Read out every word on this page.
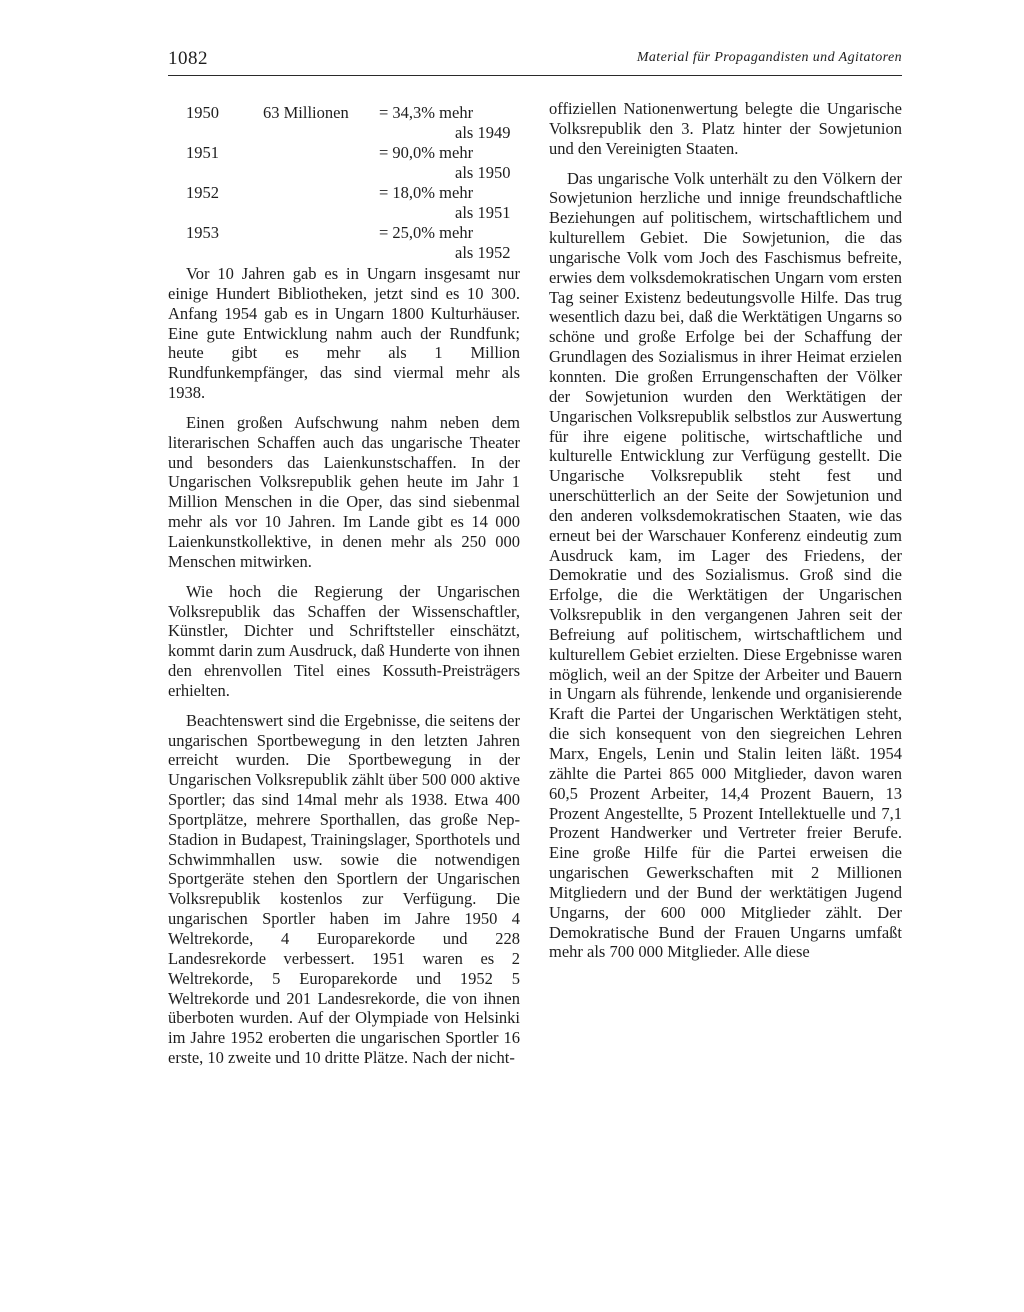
1082	Material für Propagandisten und Agitatoren
1950	63 Millionen = 34,3% mehr
als 1949
1951	= 90,0% mehr
als 1950
1952	= 18,0% mehr
als 1951
1953	= 25,0% mehr
als 1952

Vor 10 Jahren gab es in Ungarn insgesamt nur einige Hundert Bibliotheken, jetzt sind es 10 300. Anfang 1954 gab es in Ungarn 1800 Kulturhäuser. Eine gute Entwicklung nahm auch der Rundfunk; heute gibt es mehr als 1 Million Rundfunkempfänger, das sind viermal mehr als 1938.

Einen großen Aufschwung nahm neben dem literarischen Schaffen auch das ungarische Theater und besonders das Laienkunstschaffen. In der Ungarischen Volksrepublik gehen heute im Jahr 1 Million Menschen in die Oper, das sind siebenmal mehr als vor 10 Jahren. Im Lande gibt es 14 000 Laienkunstkollektive, in denen mehr als 250 000 Menschen mitwirken.

Wie hoch die Regierung der Ungarischen Volksrepublik das Schaffen der Wissenschaftler, Künstler, Dichter und Schriftsteller einschätzt, kommt darin zum Ausdruck, daß Hunderte von ihnen den ehrenvollen Titel eines Kossuth-Preisträgers erhielten.

Beachtenswert sind die Ergebnisse, die seitens der ungarischen Sportbewegung in den letzten Jahren erreicht wurden. Die Sportbewegung in der Ungarischen Volksrepublik zählt über 500 000 aktive Sportler; das sind 14mal mehr als 1938. Etwa 400 Sportplätze, mehrere Sporthallen, das große Nep-Stadion in Budapest, Trainingslager, Sporthotels und Schwimmhallen usw. sowie die notwendigen Sportgeräte stehen den Sportlern der Ungarischen Volksrepublik kostenlos zur Verfügung. Die ungarischen Sportler haben im Jahre 1950 4 Weltrekorde, 4 Europarekorde und 228 Landesrekorde verbessert. 1951 waren es 2 Weltrekorde, 5 Europarekorde und 1952 5 Weltrekorde und 201 Landesrekorde, die von ihnen überboten wurden. Auf der Olympiade von Helsinki im Jahre 1952 eroberten die ungarischen Sportler 16 erste, 10 zweite und 10 dritte Plätze. Nach der nicht-

offiziellen Nationenwertung belegte die Ungarische Volksrepublik den 3. Platz hinter der Sowjetunion und den Vereinigten Staaten.

Das ungarische Volk unterhält zu den Völkern der Sowjetunion herzliche und innige freundschaftliche Beziehungen auf politischem, wirtschaftlichem und kulturellem Gebiet. Die Sowjetunion, die das ungarische Volk vom Joch des Faschismus befreite, erwies dem volksdemokratischen Ungarn vom ersten Tag seiner Existenz bedeutungsvolle Hilfe. Das trug wesentlich dazu bei, daß die Werktätigen Ungarns so schöne und große Erfolge bei der Schaffung der Grundlagen des Sozialismus in ihrer Heimat erzielen konnten. Die großen Errungenschaften der Völker der Sowjetunion wurden den Werktätigen der Ungarischen Volksrepublik selbstlos zur Auswertung für ihre eigene politische, wirtschaftliche und kulturelle Entwicklung zur Verfügung gestellt. Die Ungarische Volksrepublik steht fest und unerschütterlich an der Seite der Sowjetunion und den anderen volksdemokratischen Staaten, wie das erneut bei der Warschauer Konferenz eindeutig zum Ausdruck kam, im Lager des Friedens, der Demokratie und des Sozialismus. Groß sind die Erfolge, die die Werktätigen der Ungarischen Volksrepublik in den vergangenen Jahren seit der Befreiung auf politischem, wirtschaftlichem und kulturellem Gebiet erzielten. Diese Ergebnisse waren möglich, weil an der Spitze der Arbeiter und Bauern in Ungarn als führende, lenkende und organisierende Kraft die Partei der Ungarischen Werktätigen steht, die sich konsequent von den siegreichen Lehren Marx, Engels, Lenin und Stalin leiten läßt. 1954 zählte die Partei 865 000 Mitglieder, davon waren 60,5 Prozent Arbeiter, 14,4 Prozent Bauern, 13 Prozent Angestellte, 5 Prozent Intellektuelle und 7,1 Prozent Handwerker und Vertreter freier Berufe. Eine große Hilfe für die Partei erweisen die ungarischen Gewerkschaften mit 2 Millionen Mitgliedern und der Bund der werktätigen Jugend Ungarns, der 600 000 Mitglieder zählt. Der Demokratische Bund der Frauen Ungarns umfaßt mehr als 700 000 Mitglieder. Alle diese
